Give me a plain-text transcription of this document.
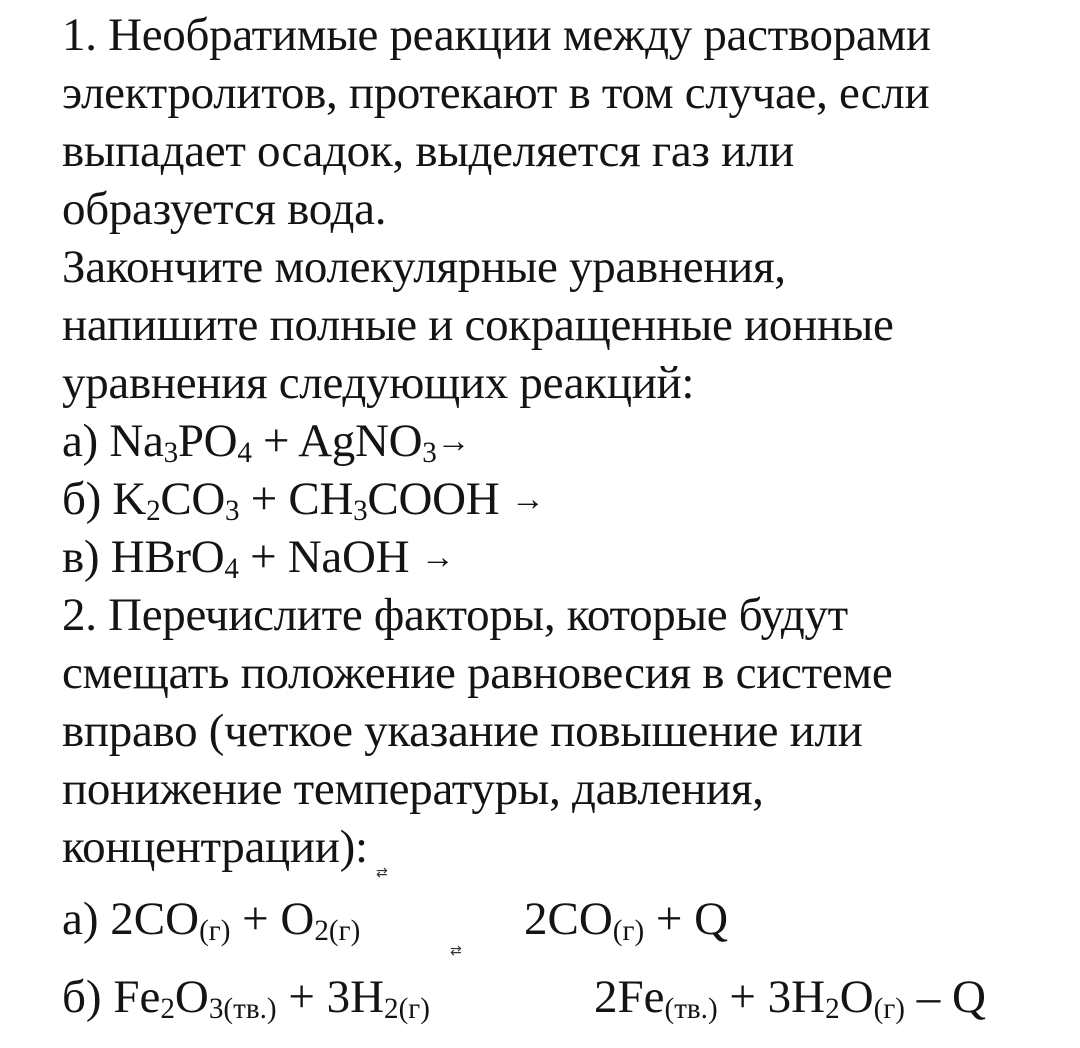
1. Необратимые реакции между растворами
электролитов, протекают в том случае, если
выпадает осадок, выделяется газ или
образуется вода.
Закончите молекулярные уравнения,
напишите полные и сокращенные ионные
уравнения следующих реакций:
а) Na3PO4 + AgNO3→
б) K2CO3 + CH3COOH →
в) HBrO4 + NaOH →
2. Перечислите факторы, которые будут
смещать положение равновесия в системе
вправо (четкое указание повышение или
понижение температуры, давления,
концентрации):
а) 2CO(г) + O2(г)
⇄
2CO(г) + Q
б) Fe2O3(тв.) + 3H2(г)
⇄
2Fe(тв.) + 3H2O(г) – Q
